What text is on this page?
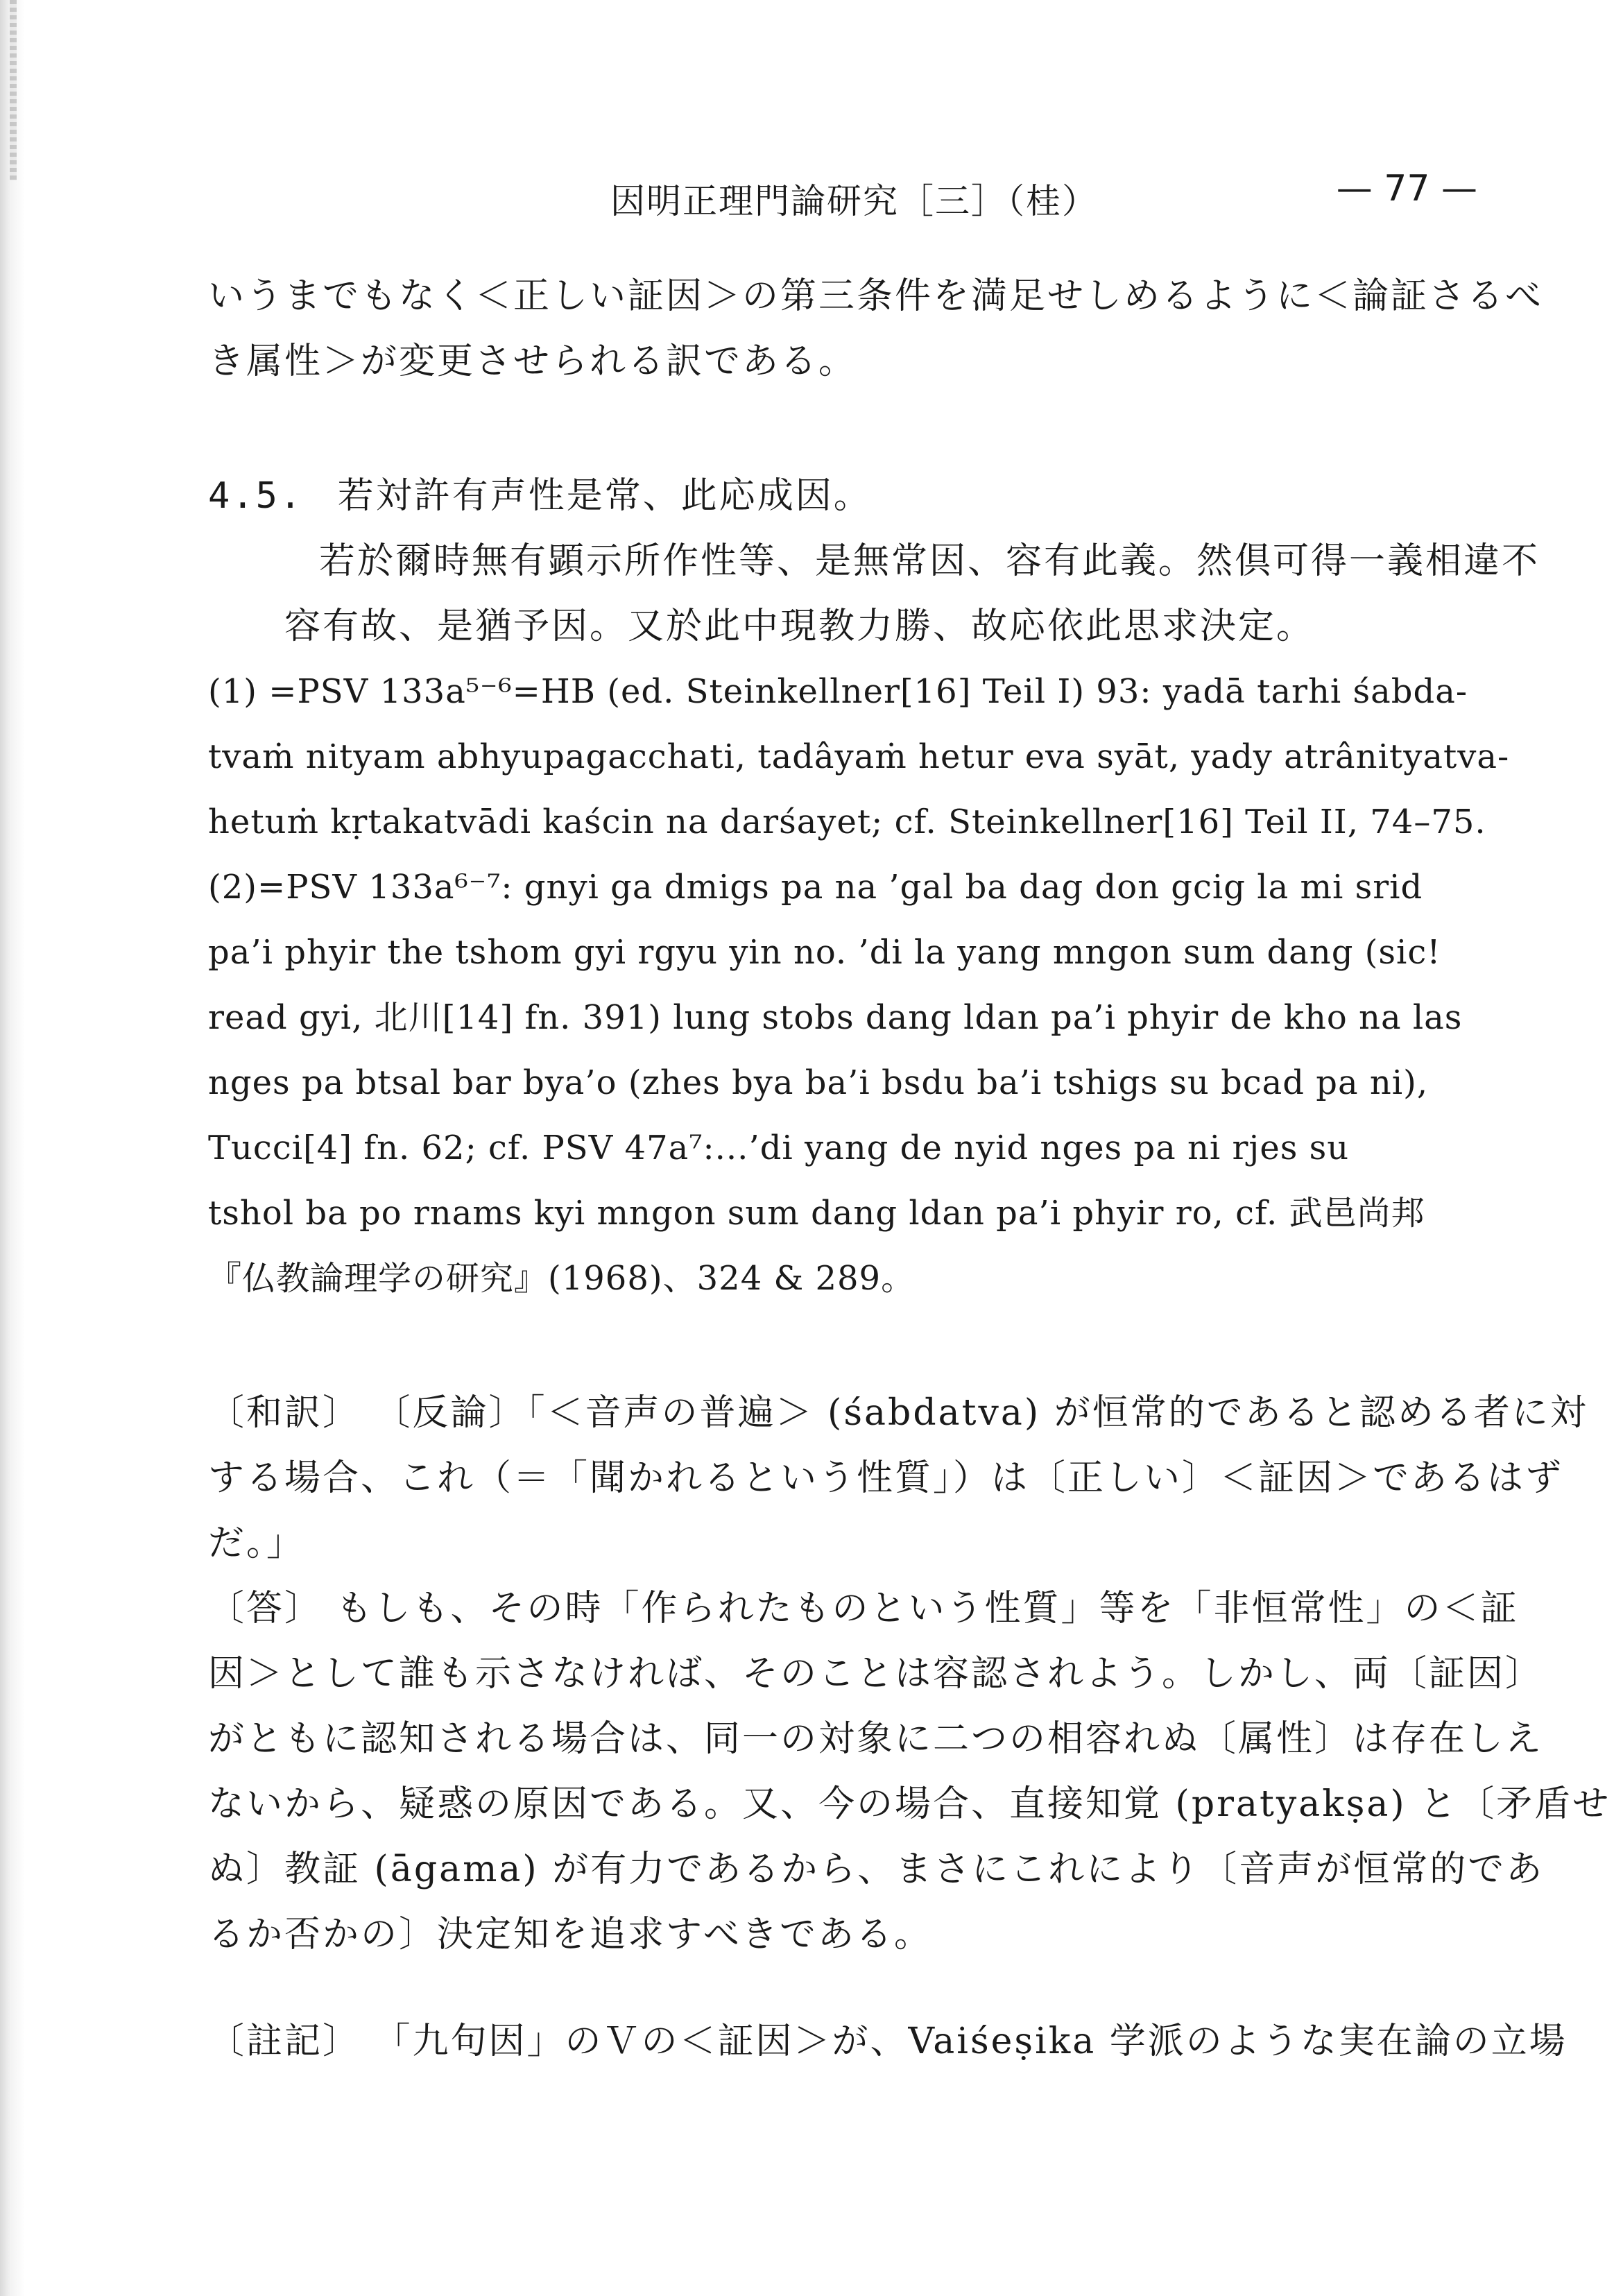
因明正理門論研究［三］（桂）	— 77 —
いうまでもなく＜正しい証因＞の第三条件を満足せしめるように＜論証さるべ
き属性＞が変更させられる訳である。
4.5. 若対許有声性是常、此応成因。
若於爾時無有顕示所作性等、是無常因、容有此義。然倶可得一義相違不
容有故、是猶予因。又於此中現教力勝、故応依此思求決定。
(1) =PSV 133a⁵⁻⁶=HB (ed. Steinkellner[16] Teil I) 93: yadā tarhi śabda-
tvaṁ nityam abhyupagacchati, tadâyaṁ hetur eva syāt, yady atrânityatva-
hetuṁ kṛtakatvādi kaścin na darśayet; cf. Steinkellner[16] Teil II, 74–75.
(2)=PSV 133a⁶⁻⁷: gnyi ga dmigs pa na ’gal ba dag don gcig la mi srid
pa’i phyir the tshom gyi rgyu yin no. ’di la yang mngon sum dang (sic!
read gyi, 北川[14] fn. 391) lung stobs dang ldan pa’i phyir de kho na las
nges pa btsal bar bya’o (zhes bya ba’i bsdu ba’i tshigs su bcad pa ni),
Tucci[4] fn. 62; cf. PSV 47a⁷:...’di yang de nyid nges pa ni rjes su
tshol ba po rnams kyi mngon sum dang ldan pa’i phyir ro, cf. 武邑尚邦
『仏教論理学の研究』(1968)、324 & 289。
〔和訳〕 〔反論〕「＜音声の普遍＞ (śabdatva) が恒常的であると認める者に対
する場合、これ（＝「聞かれるという性質」）は〔正しい〕＜証因＞であるはず
だ。」
〔答〕 もしも、その時「作られたものという性質」等を「非恒常性」の＜証
因＞として誰も示さなければ、そのことは容認されよう。しかし、両〔証因〕
がともに認知される場合は、同一の対象に二つの相容れぬ〔属性〕は存在しえ
ないから、疑惑の原因である。又、今の場合、直接知覚 (pratyakṣa) と〔矛盾せ
ぬ〕教証 (āgama) が有力であるから、まさにこれにより〔音声が恒常的であ
るか否かの〕決定知を追求すべきである。
〔註記〕 「九句因」のＶの＜証因＞が、Vaiśeṣika 学派のような実在論の立場
